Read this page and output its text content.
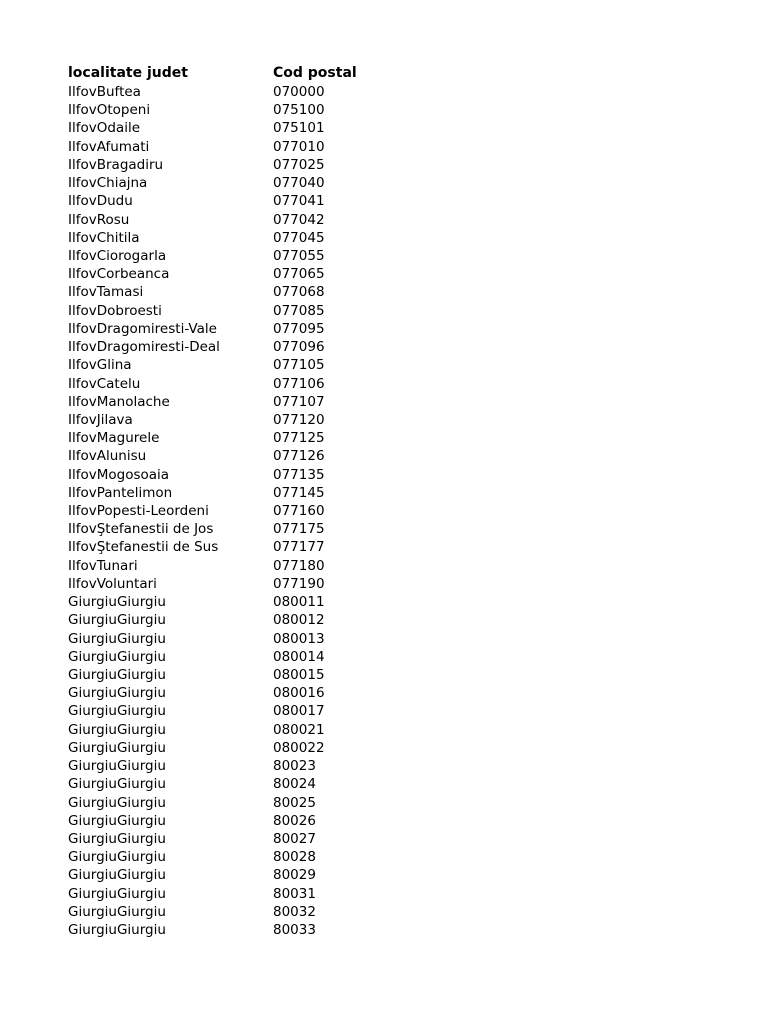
localitate judet	Cod postal
IlfovBuftea	070000
IlfovOtopeni	075100
IlfovOdaile	075101
IlfovAfumati	077010
IlfovBragadiru	077025
IlfovChiajna	077040
IlfovDudu	077041
IlfovRosu	077042
IlfovChitila	077045
IlfovCiorogarla	077055
IlfovCorbeanca	077065
IlfovTamasi	077068
IlfovDobroesti	077085
IlfovDragomiresti-Vale	077095
IlfovDragomiresti-Deal	077096
IlfovGlina	077105
IlfovCatelu	077106
IlfovManolache	077107
IlfovJilava	077120
IlfovMagurele	077125
IlfovAlunisu	077126
IlfovMogosoaia	077135
IlfovPantelimon	077145
IlfovPopesti-Leordeni	077160
IlfovŞtefanestii de Jos	077175
IlfovŞtefanestii de Sus	077177
IlfovTunari	077180
IlfovVoluntari	077190
GiurgiuGiurgiu	080011
GiurgiuGiurgiu	080012
GiurgiuGiurgiu	080013
GiurgiuGiurgiu	080014
GiurgiuGiurgiu	080015
GiurgiuGiurgiu	080016
GiurgiuGiurgiu	080017
GiurgiuGiurgiu	080021
GiurgiuGiurgiu	080022
GiurgiuGiurgiu	80023
GiurgiuGiurgiu	80024
GiurgiuGiurgiu	80025
GiurgiuGiurgiu	80026
GiurgiuGiurgiu	80027
GiurgiuGiurgiu	80028
GiurgiuGiurgiu	80029
GiurgiuGiurgiu	80031
GiurgiuGiurgiu	80032
GiurgiuGiurgiu	80033
